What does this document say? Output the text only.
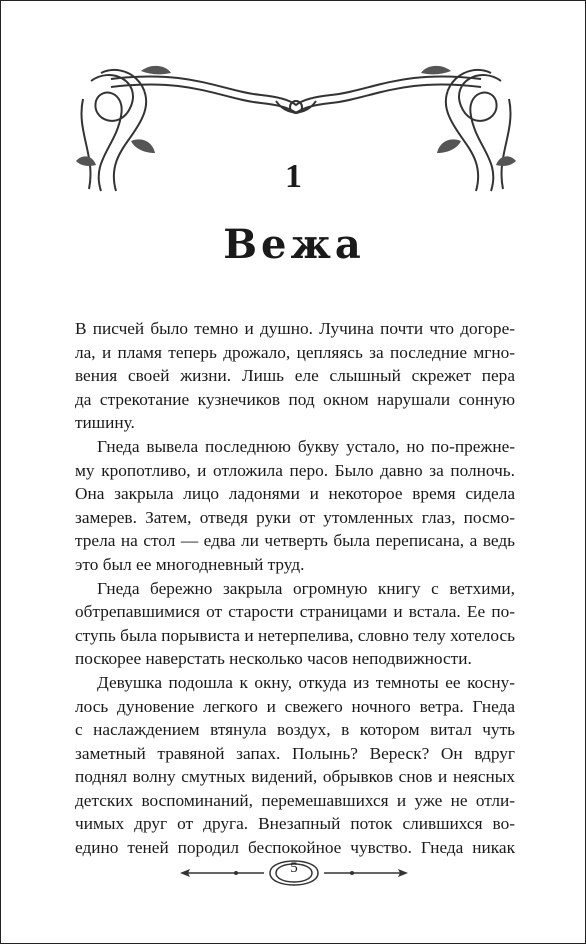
1
Вежа
В писчей было темно и душно. Лучина почти что догоре-
ла, и пламя теперь дрожало, цепляясь за последние мгно-
вения своей жизни. Лишь еле слышный скрежет пера
да стрекотание кузнечиков под окном нарушали сонную
тишину.
Гнеда вывела последнюю букву устало, но по-прежне-
му кропотливо, и отложила перо. Было давно за полночь.
Она закрыла лицо ладонями и некоторое время сидела
замерев. Затем, отведя руки от утомленных глаз, посмо-
трела на стол — едва ли четверть была переписана, а ведь
это был ее многодневный труд.
Гнеда бережно закрыла огромную книгу с ветхими,
обтрепавшимися от старости страницами и встала. Ее по-
ступь была порывиста и нетерпелива, словно телу хотелось
поскорее наверстать несколько часов неподвижности.
Девушка подошла к окну, откуда из темноты ее косну-
лось дуновение легкого и свежего ночного ветра. Гнеда
с наслаждением втянула воздух, в котором витал чуть
заметный травяной запах. Полынь? Вереск? Он вдруг
поднял волну смутных видений, обрывков снов и неясных
детских воспоминаний, перемешавшихся и уже не отли-
чимых друг от друга. Внезапный поток слившихся во-
едино теней породил беспокойное чувство. Гнеда никак
5
